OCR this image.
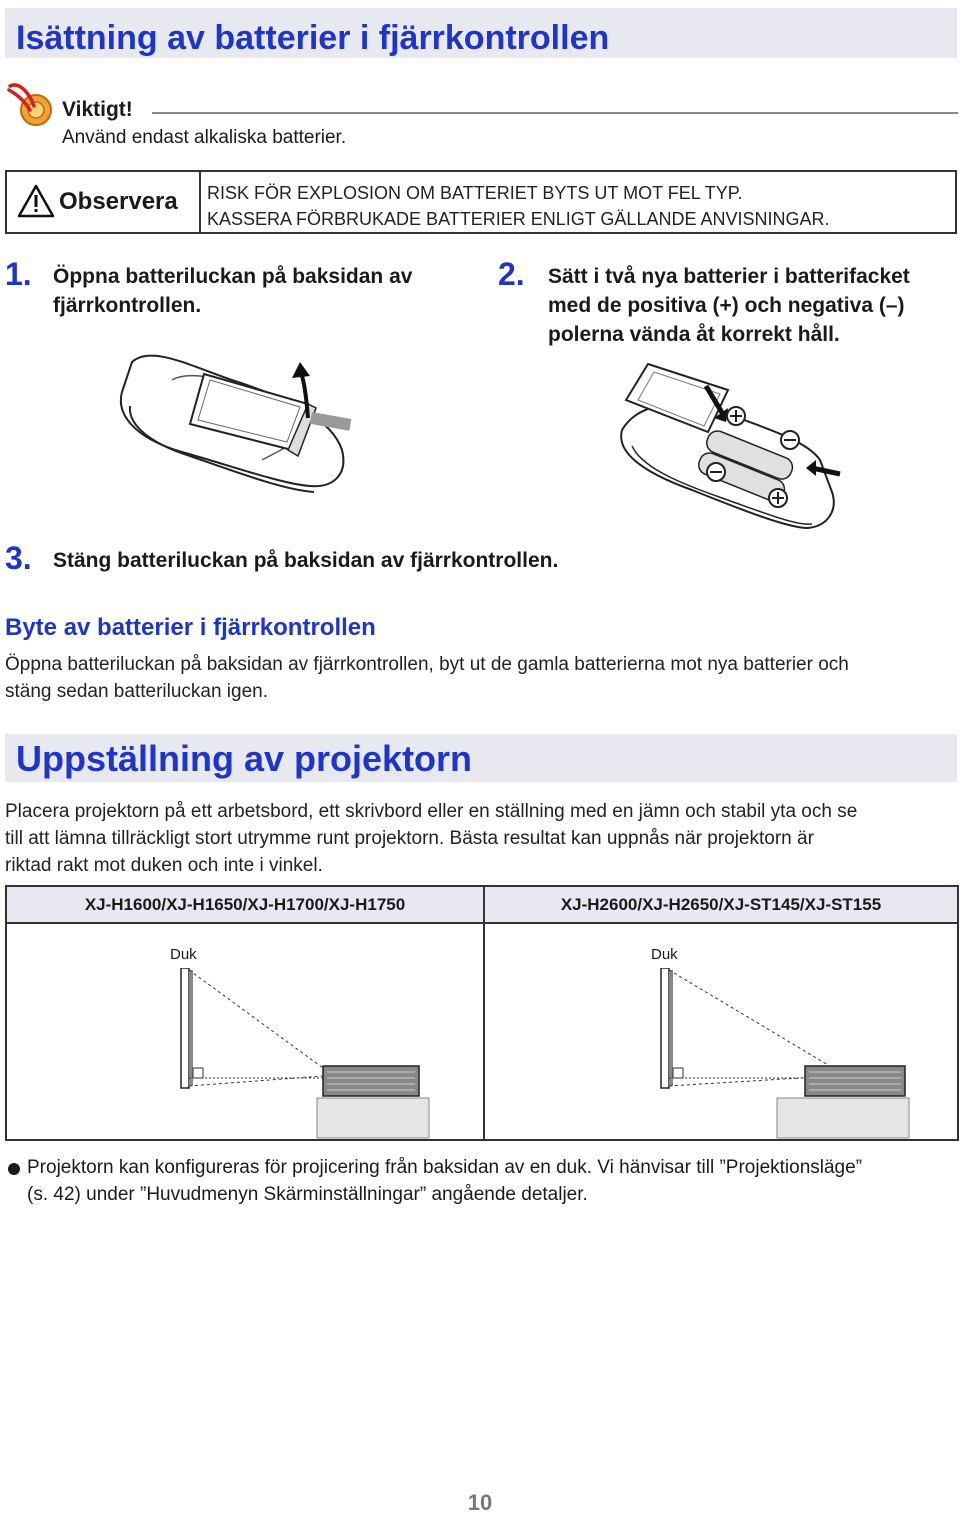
Isättning av batterier i fjärrkontrollen
Viktigt!
Använd endast alkaliska batterier.
Observera RISK FÖR EXPLOSION OM BATTERIET BYTS UT MOT FEL TYP.
KASSERA FÖRBRUKADE BATTERIER ENLIGT GÄLLANDE ANVISNINGAR.
1. Öppna batteriluckan på baksidan av
fjärrkontrollen.
2. Sätt i två nya batterier i batterifacket
med de positiva (+) och negativa (–)
polerna vända åt korrekt håll.
3. Stäng batteriluckan på baksidan av fjärrkontrollen.
Byte av batterier i fjärrkontrollen
Öppna batteriluckan på baksidan av fjärrkontrollen, byt ut de gamla batterierna mot nya batterier och
stäng sedan batteriluckan igen.
Uppställning av projektorn
Placera projektorn på ett arbetsbord, ett skrivbord eller en ställning med en jämn och stabil yta och se
till att lämna tillräckligt stort utrymme runt projektorn. Bästa resultat kan uppnås när projektorn är
riktad rakt mot duken och inte i vinkel.
XJ-H1600/XJ-H1650/XJ-H1700/XJ-H1750	XJ-H2600/XJ-H2650/XJ-ST145/XJ-ST155

Duk	Duk
Projektorn kan konfigureras för projicering från baksidan av en duk. Vi hänvisar till ”Projektionsläge”
(s. 42) under ”Huvudmenyn Skärminställningar” angående detaljer.
10
